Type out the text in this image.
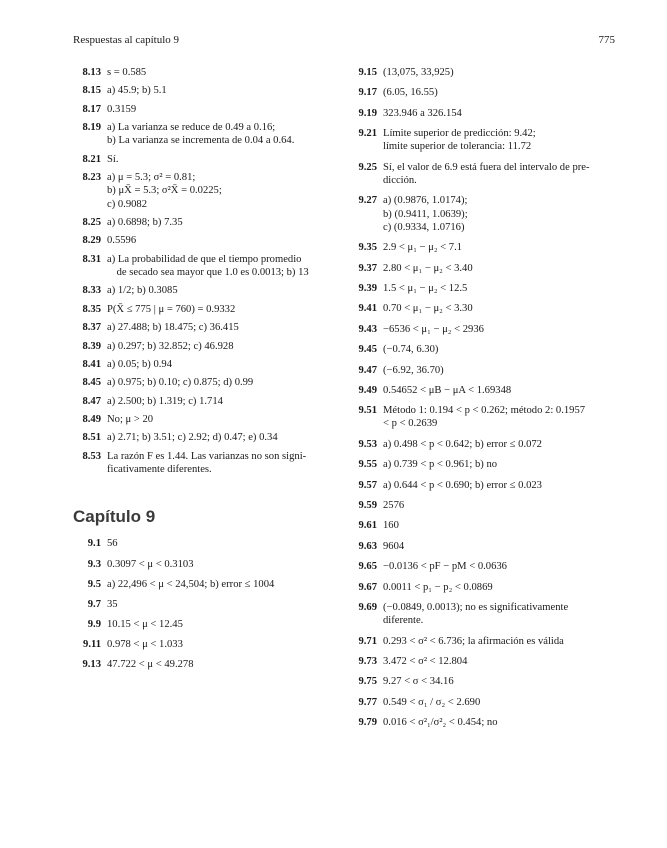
Respuestas al capítulo 9	775
8.13 s = 0.585
8.15 a) 45.9; b) 5.1
8.17 0.3159
8.19 a) La varianza se reduce de 0.49 a 0.16;
b) La varianza se incrementa de 0.04 a 0.64.
8.21 Sí.
8.23 a) μ = 5.3; σ² = 0.81;
b) μX̄ = 5.3; σ²X̄ = 0.0225;
c) 0.9082
8.25 a) 0.6898; b) 7.35
8.29 0.5596
8.31 a) La probabilidad de que el tiempo promedio
de secado sea mayor que 1.0 es 0.0013; b) 13
8.33 a) 1/2; b) 0.3085
8.35 P(X̄ ≤ 775 | μ = 760) = 0.9332
8.37 a) 27.488; b) 18.475; c) 36.415
8.39 a) 0.297; b) 32.852; c) 46.928
8.41 a) 0.05; b) 0.94
8.45 a) 0.975; b) 0.10; c) 0.875; d) 0.99
8.47 a) 2.500; b) 1.319; c) 1.714
8.49 No; μ > 20
8.51 a) 2.71; b) 3.51; c) 2.92; d) 0.47; e) 0.34
8.53 La razón F es 1.44. Las varianzas no son signi-
ficativamente diferentes.
Capítulo 9
9.1 56
9.3 0.3097 < μ < 0.3103
9.5 a) 22,496 < μ < 24,504; b) error ≤ 1004
9.7 35
9.9 10.15 < μ < 12.45
9.11 0.978 < μ < 1.033
9.13 47.722 < μ < 49.278
9.15 (13,075, 33,925)
9.17 (6.05, 16.55)
9.19 323.946 a 326.154
9.21 Límite superior de predicción: 9.42;
límite superior de tolerancia: 11.72
9.25 Sí, el valor de 6.9 está fuera del intervalo de pre-
dicción.
9.27 a) (0.9876, 1.0174);
b) (0.9411, 1.0639);
c) (0.9334, 1.0716)
9.35 2.9 < μ₁ − μ₂ < 7.1
9.37 2.80 < μ₁ − μ₂ < 3.40
9.39 1.5 < μ₁ − μ₂ < 12.5
9.41 0.70 < μ₁ − μ₂ < 3.30
9.43 −6536 < μ₁ − μ₂ < 2936
9.45 (−0.74, 6.30)
9.47 (−6.92, 36.70)
9.49 0.54652 < μB − μA < 1.69348
9.51 Método 1: 0.194 < p < 0.262; método 2: 0.1957
< p < 0.2639
9.53 a) 0.498 < p < 0.642; b) error ≤ 0.072
9.55 a) 0.739 < p < 0.961; b) no
9.57 a) 0.644 < p < 0.690; b) error ≤ 0.023
9.59 2576
9.61 160
9.63 9604
9.65 −0.0136 < pF − pM < 0.0636
9.67 0.0011 < p₁ − p₂ < 0.0869
9.69 (−0.0849, 0.0013); no es significativamente
diferente.
9.71 0.293 < σ² < 6.736; la afirmación es válida
9.73 3.472 < σ² < 12.804
9.75 9.27 < σ < 34.16
9.77 0.549 < σ₁ / σ₂ < 2.690
9.79 0.016 < σ²₁/σ²₂ < 0.454; no
